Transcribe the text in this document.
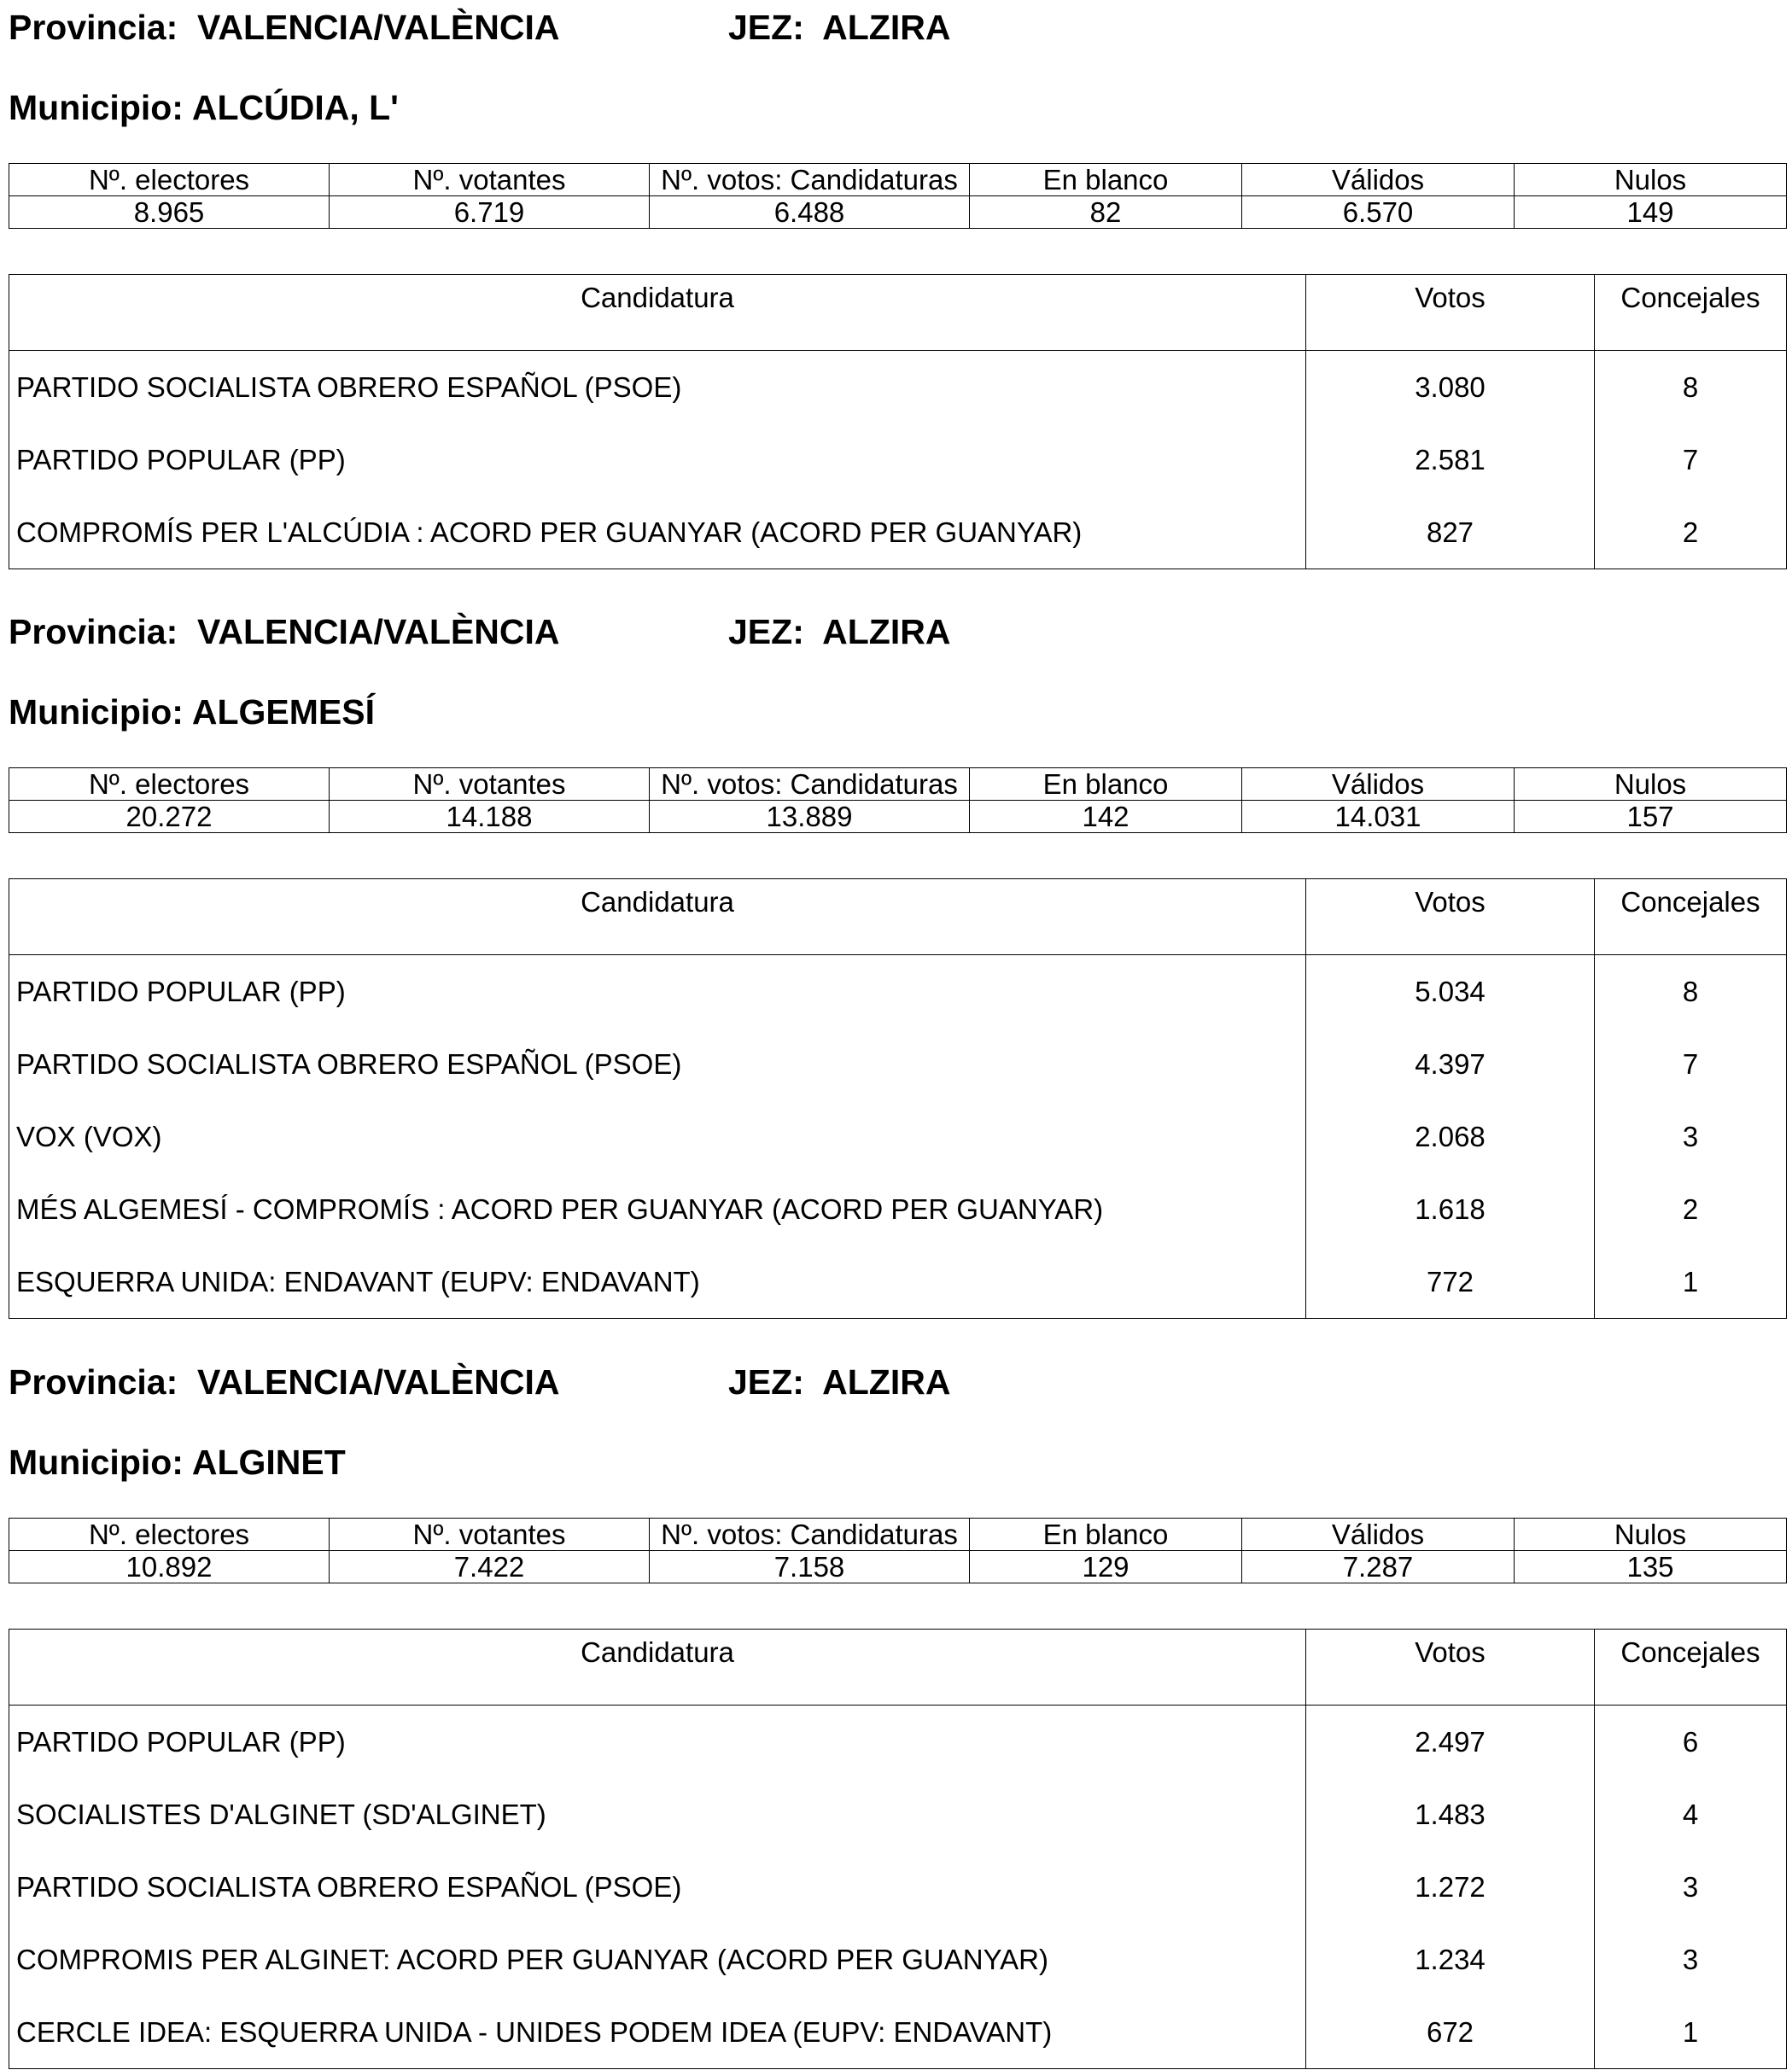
Provincia: VALENCIA/VALÈNCIA	JEZ: ALZIRA
Municipio: ALCÚDIA, L'
Nº. electores	Nº. votantes	Nº. votos: Candidaturas	En blanco	Válidos	Nulos
8.965	6.719	6.488	82	6.570	149
Candidatura	Votos	Concejales
PARTIDO SOCIALISTA OBRERO ESPAÑOL (PSOE)	3.080	8
PARTIDO POPULAR (PP)	2.581	7
COMPROMÍS PER L'ALCÚDIA : ACORD PER GUANYAR (ACORD PER GUANYAR)	827	2
Provincia: VALENCIA/VALÈNCIA	JEZ: ALZIRA
Municipio: ALGEMESÍ
Nº. electores	Nº. votantes	Nº. votos: Candidaturas	En blanco	Válidos	Nulos
20.272	14.188	13.889	142	14.031	157
Candidatura	Votos	Concejales
PARTIDO POPULAR (PP)	5.034	8
PARTIDO SOCIALISTA OBRERO ESPAÑOL (PSOE)	4.397	7
VOX (VOX)	2.068	3
MÉS ALGEMESÍ - COMPROMÍS : ACORD PER GUANYAR (ACORD PER GUANYAR)	1.618	2
ESQUERRA UNIDA: ENDAVANT (EUPV: ENDAVANT)	772	1
Provincia: VALENCIA/VALÈNCIA	JEZ: ALZIRA
Municipio: ALGINET
Nº. electores	Nº. votantes	Nº. votos: Candidaturas	En blanco	Válidos	Nulos
10.892	7.422	7.158	129	7.287	135
Candidatura	Votos	Concejales
PARTIDO POPULAR (PP)	2.497	6
SOCIALISTES D'ALGINET (SD'ALGINET)	1.483	4
PARTIDO SOCIALISTA OBRERO ESPAÑOL (PSOE)	1.272	3
COMPROMIS PER ALGINET: ACORD PER GUANYAR (ACORD PER GUANYAR)	1.234	3
CERCLE IDEA: ESQUERRA UNIDA - UNIDES PODEM IDEA (EUPV: ENDAVANT)	672	1
